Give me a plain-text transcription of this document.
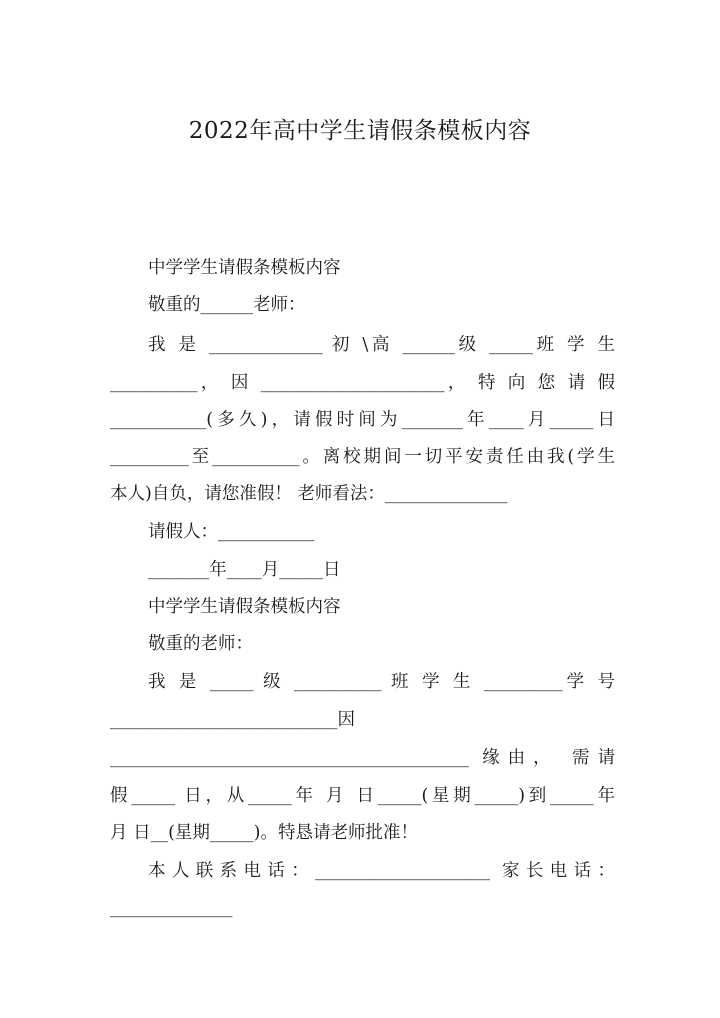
2022年高中学生请假条模板内容
中学学生请假条模板内容
敬重的______老师：
我 是 _____________ 初 \高 ______级 _____班 学 生
__________， 因 _____________________， 特 向 您 请 假
___________(多久)，请假时间为_______年____月_____日
_________至__________。离校期间一切平安责任由我(学生
本人)自负，请您准假！ 老师看法：______________
请假人：___________
_______年____月_____日
中学学生请假条模板内容
敬重的老师：
我 是 _____ 级 __________ 班 学 生 _________学 号
__________________________因
_________________________________________ 缘由， 需请
假_____ 日，从_____年 月 日_____(星期_____)到_____年
月 日__(星期_____)。特恳请老师批准！
本人联系电话：____________________ 家长电话：
______________
